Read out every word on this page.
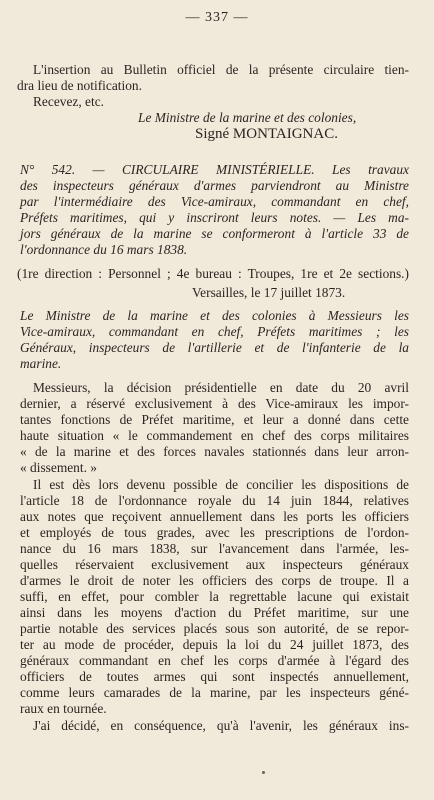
— 337 —
L'insertion au Bulletin officiel de la présente circulaire tien-
dra lieu de notification.
Recevez, etc.
Le Ministre de la marine et des colonies,
Signé MONTAIGNAC.
N° 542. — CIRCULAIRE MINISTÉRIELLE. Les travaux
des inspecteurs généraux d'armes parviendront au Ministre
par l'intermédiaire des Vice-amiraux, commandant en chef,
Préfets maritimes, qui y inscriront leurs notes. — Les ma-
jors généraux de la marine se conformeront à l'article 33 de
l'ordonnance du 16 mars 1838.
(1re direction : Personnel ; 4e bureau : Troupes, 1re et 2e sections.)
Versailles, le 17 juillet 1873.
Le Ministre de la marine et des colonies à Messieurs les
Vice-amiraux, commandant en chef, Préfets maritimes ; les
Généraux, inspecteurs de l'artillerie et de l'infanterie de la
marine.
Messieurs, la décision présidentielle en date du 20 avril
dernier, a réservé exclusivement à des Vice-amiraux les impor-
tantes fonctions de Préfet maritime, et leur a donné dans cette
haute situation « le commandement en chef des corps militaires
« de la marine et des forces navales stationnés dans leur arron-
« dissement. »
Il est dès lors devenu possible de concilier les dispositions de
l'article 18 de l'ordonnance royale du 14 juin 1844, relatives
aux notes que reçoivent annuellement dans les ports les officiers
et employés de tous grades, avec les prescriptions de l'ordon-
nance du 16 mars 1838, sur l'avancement dans l'armée, les-
quelles réservaient exclusivement aux inspecteurs généraux
d'armes le droit de noter les officiers des corps de troupe. Il a
suffi, en effet, pour combler la regrettable lacune qui existait
ainsi dans les moyens d'action du Préfet maritime, sur une
partie notable des services placés sous son autorité, de se repor-
ter au mode de procéder, depuis la loi du 24 juillet 1873, des
généraux commandant en chef les corps d'armée à l'égard des
officiers de toutes armes qui sont inspectés annuellement,
comme leurs camarades de la marine, par les inspecteurs géné-
raux en tournée.
J'ai décidé, en conséquence, qu'à l'avenir, les généraux ins-
